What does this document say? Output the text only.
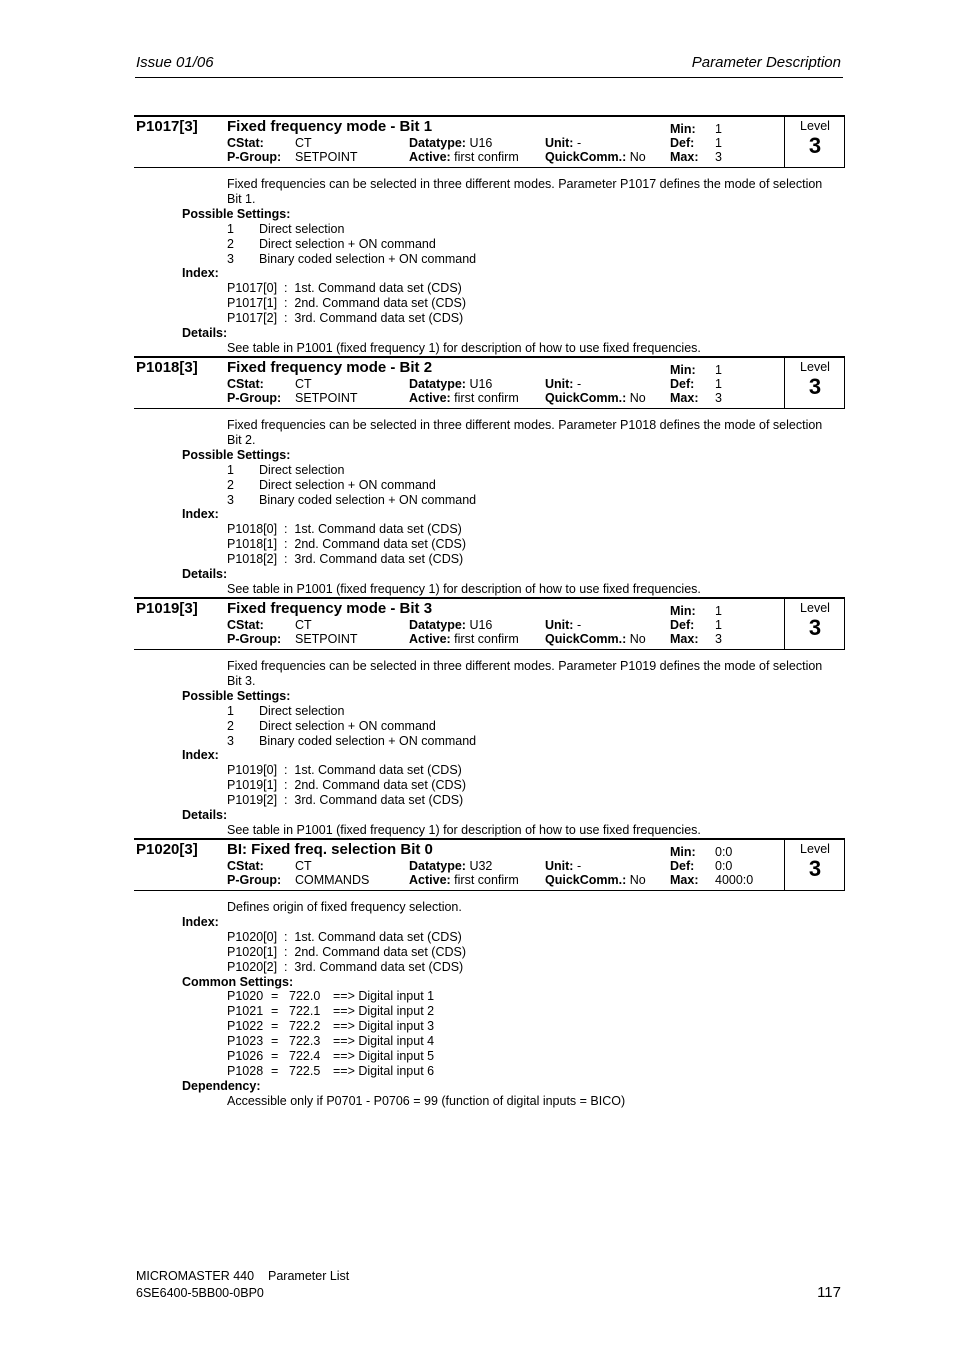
Issue 01/06	Parameter Description
P1017[3] Fixed frequency mode - Bit 1
CStat: CT
P-Group: SETPOINT
Min: 1
Def: 1
Max: 3
Datatype: U16
Active: first confirm
Unit: -
QuickComm.: No
Level
3
Fixed frequencies can be selected in three different modes. Parameter P1017 defines the mode of selection
Bit 1.
Possible Settings:
1 Direct selection
2 Direct selection + ON command
3 Binary coded selection + ON command
Index:
P1017[0]  :  1st. Command data set (CDS)
P1017[1]  :  2nd. Command data set (CDS)
P1017[2]  :  3rd. Command data set (CDS)
Details:
See table in P1001 (fixed frequency 1) for description of how to use fixed frequencies.
P1018[3] Fixed frequency mode - Bit 2
CStat: CT
P-Group: SETPOINT
Min: 1
Def: 1
Max: 3
Datatype: U16
Active: first confirm
Unit: -
QuickComm.: No
Level
3
Fixed frequencies can be selected in three different modes. Parameter P1018 defines the mode of selection
Bit 2.
Possible Settings:
1 Direct selection
2 Direct selection + ON command
3 Binary coded selection + ON command
Index:
P1018[0]  :  1st. Command data set (CDS)
P1018[1]  :  2nd. Command data set (CDS)
P1018[2]  :  3rd. Command data set (CDS)
Details:
See table in P1001 (fixed frequency 1) for description of how to use fixed frequencies.
P1019[3] Fixed frequency mode - Bit 3
CStat: CT
P-Group: SETPOINT
Min: 1
Def: 1
Max: 3
Datatype: U16
Active: first confirm
Unit: -
QuickComm.: No
Level
3
Fixed frequencies can be selected in three different modes. Parameter P1019 defines the mode of selection
Bit 3.
Possible Settings:
1 Direct selection
2 Direct selection + ON command
3 Binary coded selection + ON command
Index:
P1019[0]  :  1st. Command data set (CDS)
P1019[1]  :  2nd. Command data set (CDS)
P1019[2]  :  3rd. Command data set (CDS)
Details:
See table in P1001 (fixed frequency 1) for description of how to use fixed frequencies.
P1020[3] BI: Fixed freq. selection Bit 0
CStat: CT
P-Group: COMMANDS
Min: 0:0
Def: 0:0
Max: 4000:0
Datatype: U32
Active: first confirm
Unit: -
QuickComm.: No
Level
3
Defines origin of fixed frequency selection.
Index:
P1020[0]  :  1st. Command data set (CDS)
P1020[1]  :  2nd. Command data set (CDS)
P1020[2]  :  3rd. Command data set (CDS)
Common Settings:
P1020 = 722.0 ==> Digital input 1
P1021 = 722.1 ==> Digital input 2
P1022 = 722.2 ==> Digital input 3
P1023 = 722.3 ==> Digital input 4
P1026 = 722.4 ==> Digital input 5
P1028 = 722.5 ==> Digital input 6
Dependency:
Accessible only if P0701 - P0706 = 99 (function of digital inputs = BICO)
MICROMASTER 440 Parameter List
6SE6400-5BB00-0BP0	117
